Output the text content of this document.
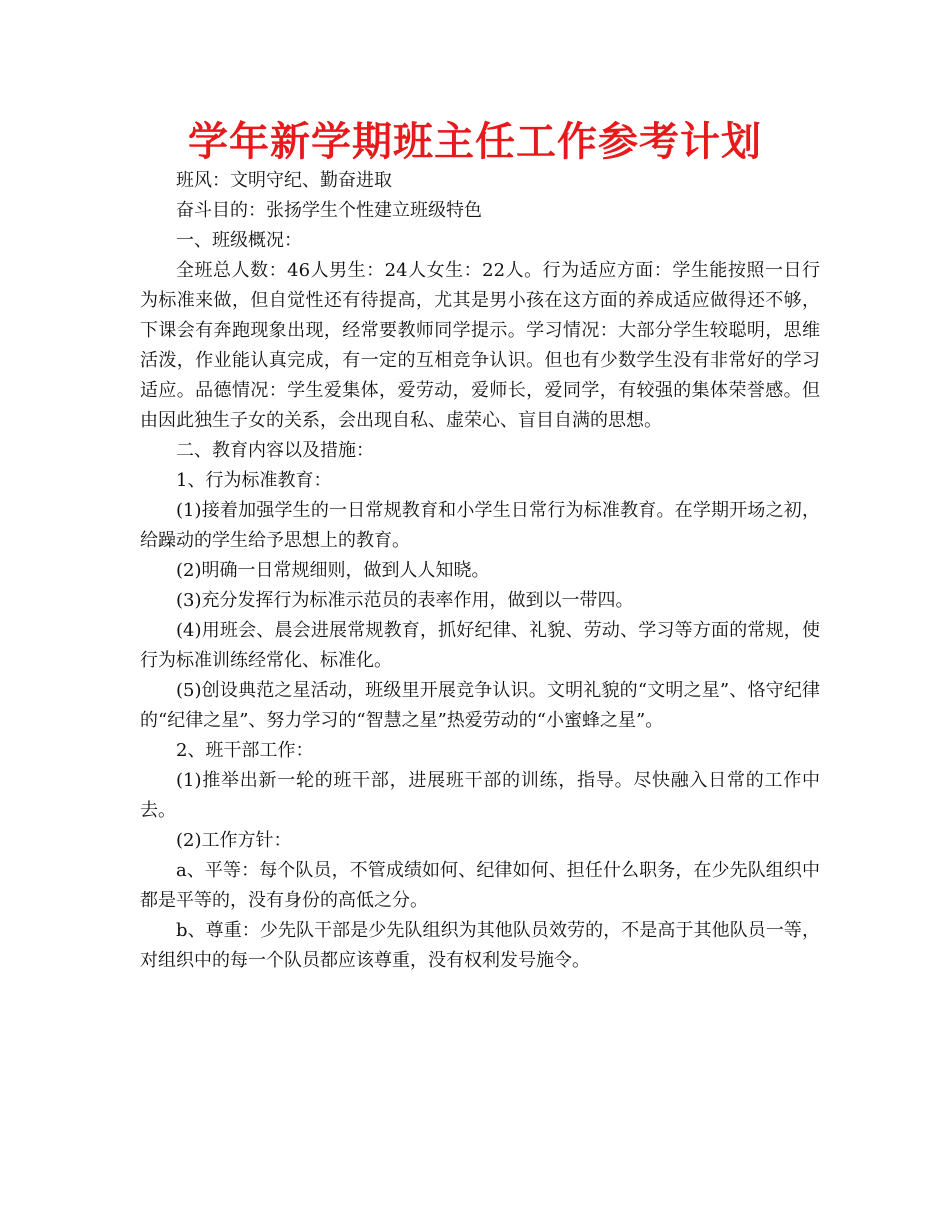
学年新学期班主任工作参考计划

班风：文明守纪、勤奋进取

奋斗目的：张扬学生个性建立班级特色

一、班级概况：

全班总人数：46人男生：24人女生：22人。行为适应方面：学生能按照一日行为标准来做，但自觉性还有待提高，尤其是男小孩在这方面的养成适应做得还不够，下课会有奔跑现象出现，经常要教师同学提示。学习情况：大部分学生较聪明，思维活泼，作业能认真完成，有一定的互相竞争认识。但也有少数学生没有非常好的学习适应。品德情况：学生爱集体，爱劳动，爱师长，爱同学，有较强的集体荣誉感。但由因此独生子女的关系，会出现自私、虚荣心、盲目自满的思想。

二、教育内容以及措施：

1、行为标准教育：

(1)接着加强学生的一日常规教育和小学生日常行为标准教育。在学期开场之初，给躁动的学生给予思想上的教育。

(2)明确一日常规细则，做到人人知晓。

(3)充分发挥行为标准示范员的表率作用，做到以一带四。

(4)用班会、晨会进展常规教育，抓好纪律、礼貌、劳动、学习等方面的常规，使行为标准训练经常化、标准化。

(5)创设典范之星活动，班级里开展竞争认识。文明礼貌的“文明之星”、恪守纪律的“纪律之星”、努力学习的“智慧之星”热爱劳动的“小蜜蜂之星”。

2、班干部工作：

(1)推举出新一轮的班干部，进展班干部的训练，指导。尽快融入日常的工作中去。

(2)工作方针：

a、平等：每个队员，不管成绩如何、纪律如何、担任什么职务，在少先队组织中都是平等的，没有身份的高低之分。

b、尊重：少先队干部是少先队组织为其他队员效劳的，不是高于其他队员一等，对组织中的每一个队员都应该尊重，没有权利发号施令。
